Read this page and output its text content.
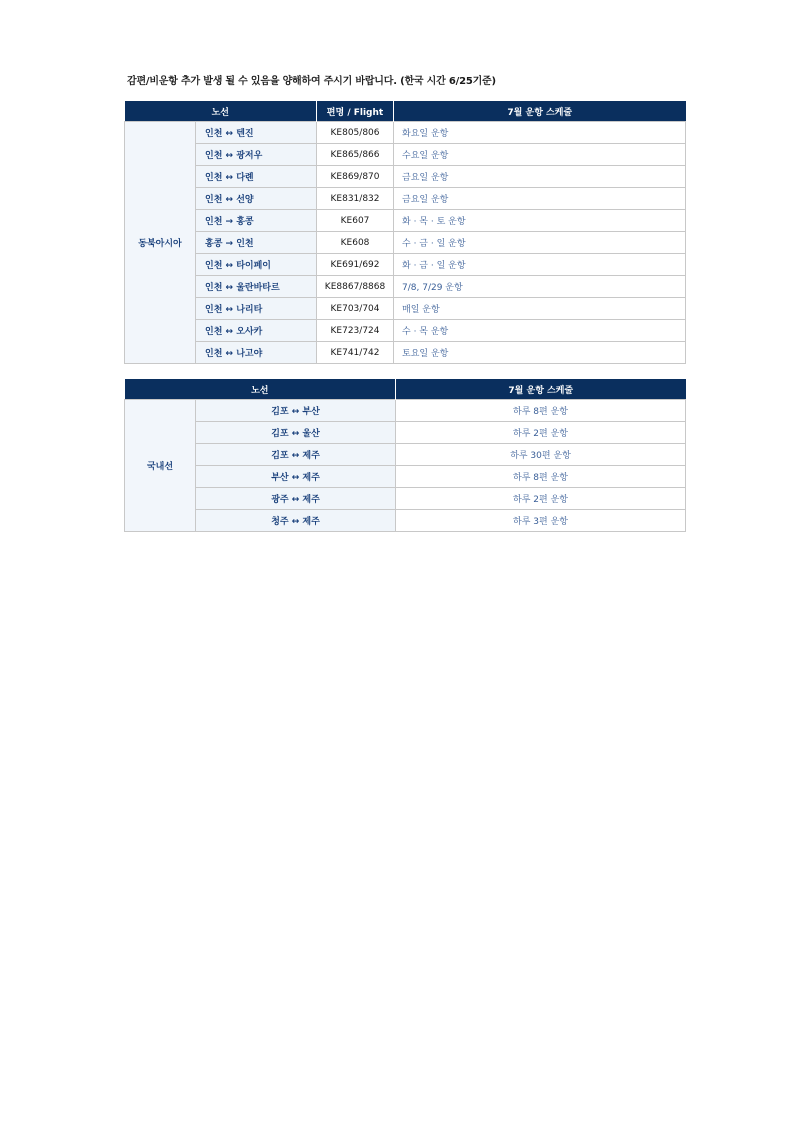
감편/비운항 추가 발생 될 수 있음을 양해하여 주시기 바랍니다. (한국 시간 6/25기준)
노선		편명 / Flight	7월 운항 스케줄
동북아시아	인천 ↔ 텐진	KE805/806	화요일 운항
	인천 ↔ 광저우	KE865/866	수요일 운항
	인천 ↔ 다롄	KE869/870	금요일 운항
	인천 ↔ 선양	KE831/832	금요일 운항
	인천 → 홍콩	KE607	화 · 목 · 토 운항
	홍콩 → 인천	KE608	수 · 금 · 일 운항
	인천 ↔ 타이페이	KE691/692	화 · 금 · 일 운항
	인천 ↔ 울란바타르	KE8867/8868	7/8, 7/29 운항
	인천 ↔ 나리타	KE703/704	매일 운항
	인천 ↔ 오사카	KE723/724	수 · 목 운항
	인천 ↔ 나고야	KE741/742	토요일 운항
노선		7월 운항 스케줄
국내선	김포 ↔ 부산	하루 8편 운항
	김포 ↔ 울산	하루 2편 운항
	김포 ↔ 제주	하루 30편 운항
	부산 ↔ 제주	하루 8편 운항
	광주 ↔ 제주	하루 2편 운항
	청주 ↔ 제주	하루 3편 운항
